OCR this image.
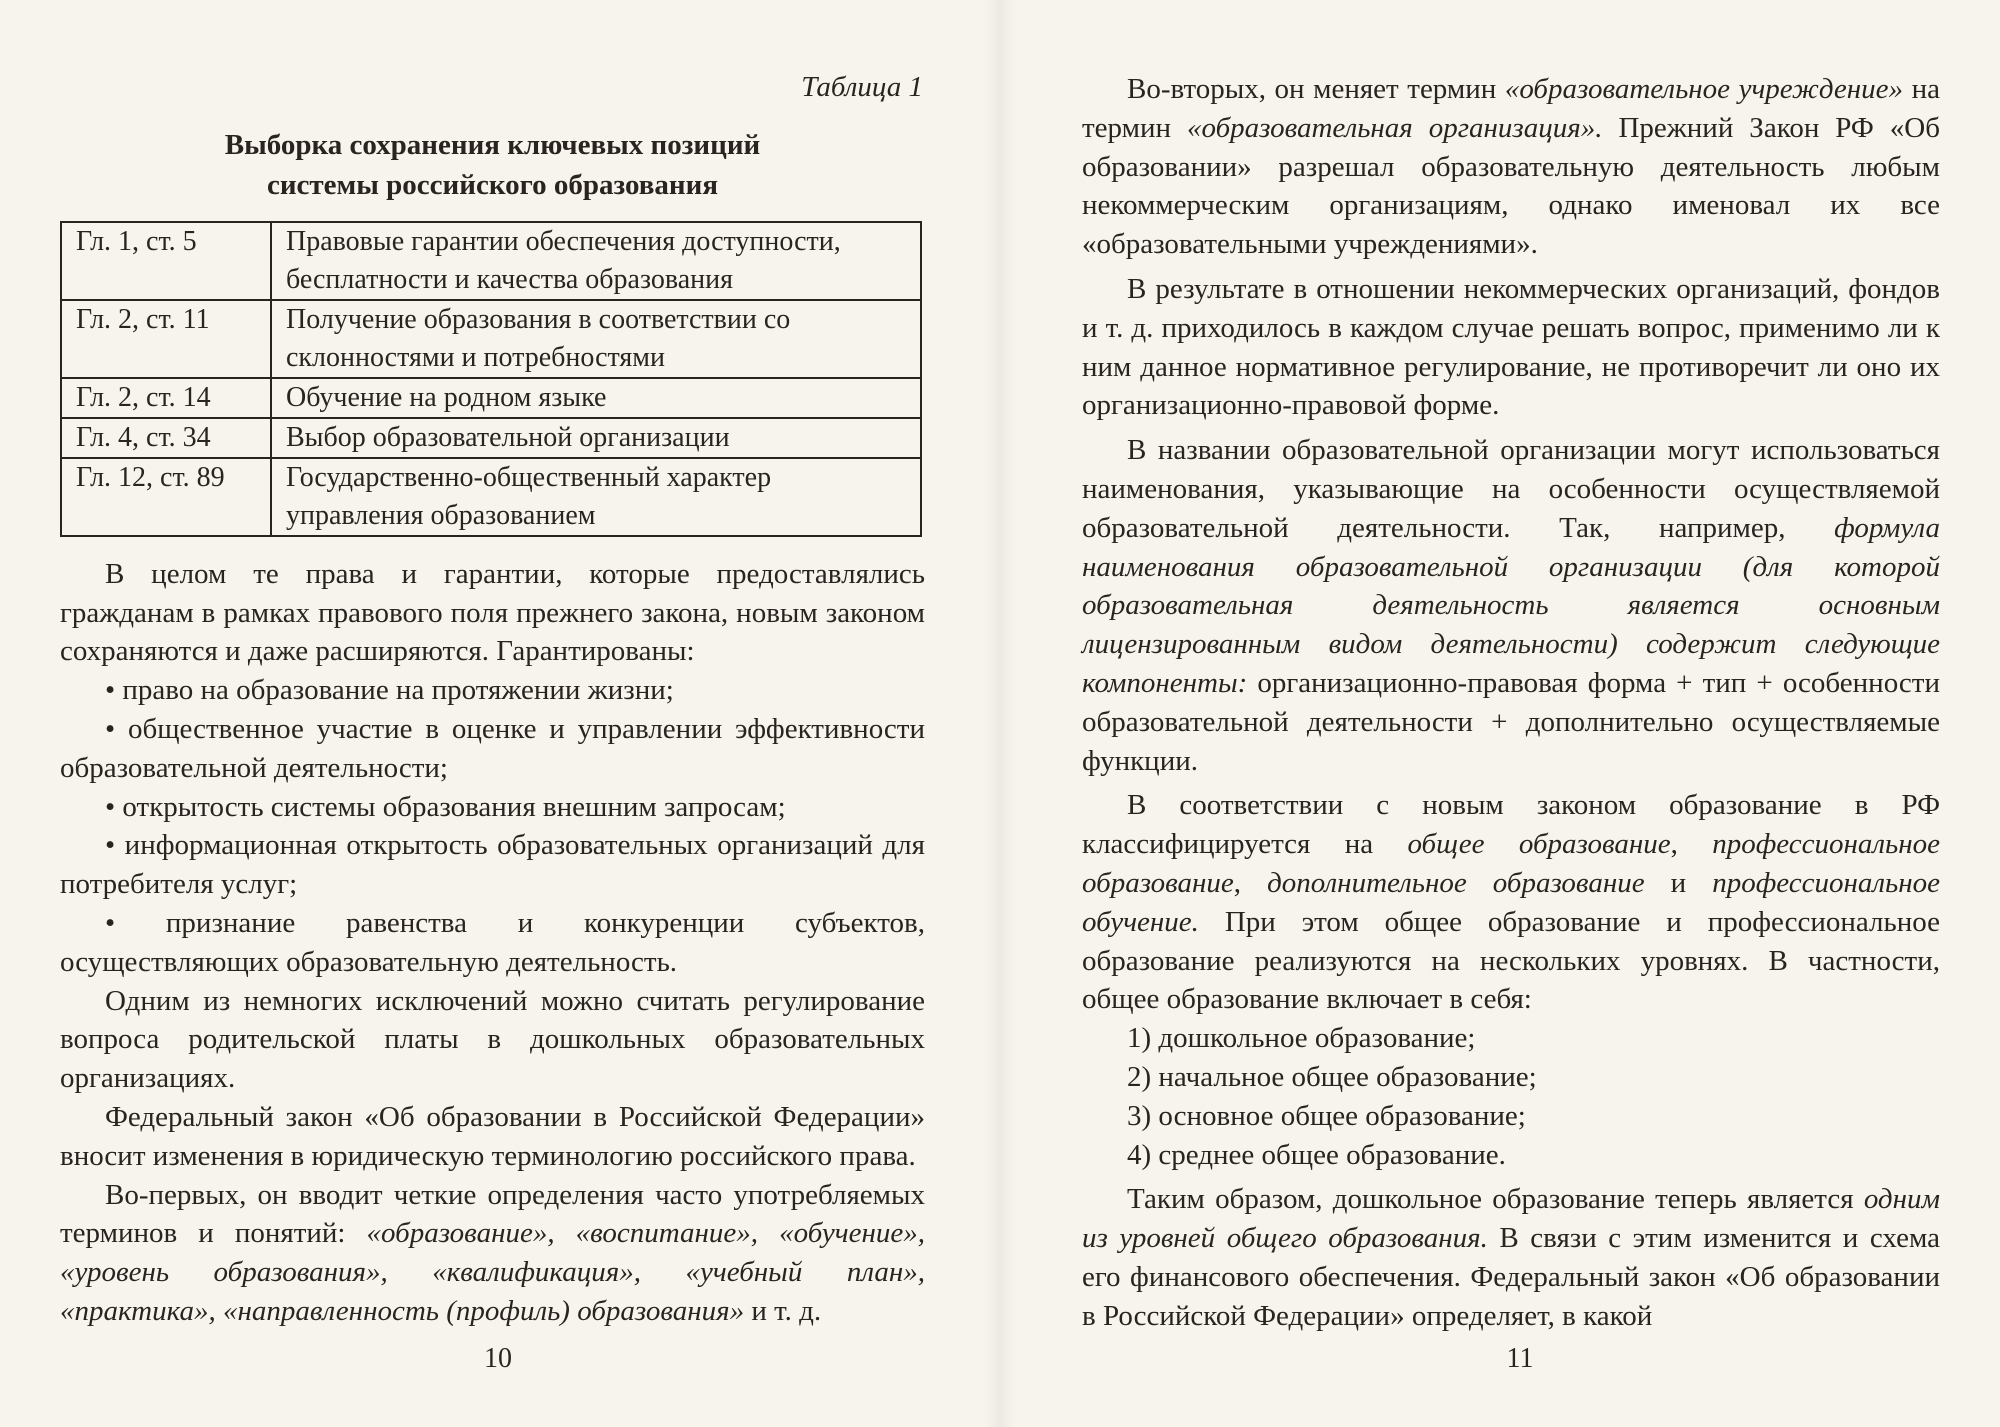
Таблица 1
Выборка сохранения ключевых позиций
системы российского образования
Гл. 1, ст. 5	Правовые гарантии обеспечения доступности, бесплатности и качества образования
Гл. 2, ст. 11	Получение образования в соответствии со склонностями и потребностями
Гл. 2, ст. 14	Обучение на родном языке
Гл. 4, ст. 34	Выбор образовательной организации
Гл. 12, ст. 89	Государственно-общественный характер управления образованием

В целом те права и гарантии, которые предоставлялись гражданам в рамках правового поля прежнего закона, новым законом сохраняются и даже расширяются. Гарантированы:

• право на образование на протяжении жизни;

• общественное участие в оценке и управлении эффективности образовательной деятельности;

• открытость системы образования внешним запросам;

• информационная открытость образовательных организаций для потребителя услуг;

• признание равенства и конкуренции субъектов, осуществляющих образовательную деятельность.

Одним из немногих исключений можно считать регулирование вопроса родительской платы в дошкольных образовательных организациях.

Федеральный закон «Об образовании в Российской Федерации» вносит изменения в юридическую терминологию российского права.

Во-первых, он вводит четкие определения часто употребляемых терминов и понятий: «образование», «воспитание», «обучение», «уровень образования», «квалификация», «учебный план», «практика», «направленность (профиль) образования» и т. д.

10

Во-вторых, он меняет термин «образовательное учреждение» на термин «образовательная организация». Прежний Закон РФ «Об образовании» разрешал образовательную деятельность любым некоммерческим организациям, однако именовал их все «образовательными учреждениями».

В результате в отношении некоммерческих организаций, фондов и т. д. приходилось в каждом случае решать вопрос, применимо ли к ним данное нормативное регулирование, не противоречит ли оно их организационно-правовой форме.

В названии образовательной организации могут использоваться наименования, указывающие на особенности осуществляемой образовательной деятельности. Так, например, формула наименования образовательной организации (для которой образовательная деятельность является основным лицензированным видом деятельности) содержит следующие компоненты: организационно-правовая форма + тип + особенности образовательной деятельности + дополнительно осуществляемые функции.

В соответствии с новым законом образование в РФ классифицируется на общее образование, профессиональное образование, дополнительное образование и профессиональное обучение. При этом общее образование и профессиональное образование реализуются на нескольких уровнях. В частности, общее образование включает в себя:

1) дошкольное образование;

2) начальное общее образование;

3) основное общее образование;

4) среднее общее образование.

Таким образом, дошкольное образование теперь является одним из уровней общего образования. В связи с этим изменится и схема его финансового обеспечения. Федеральный закон «Об образовании в Российской Федерации» определяет, в какой

11
